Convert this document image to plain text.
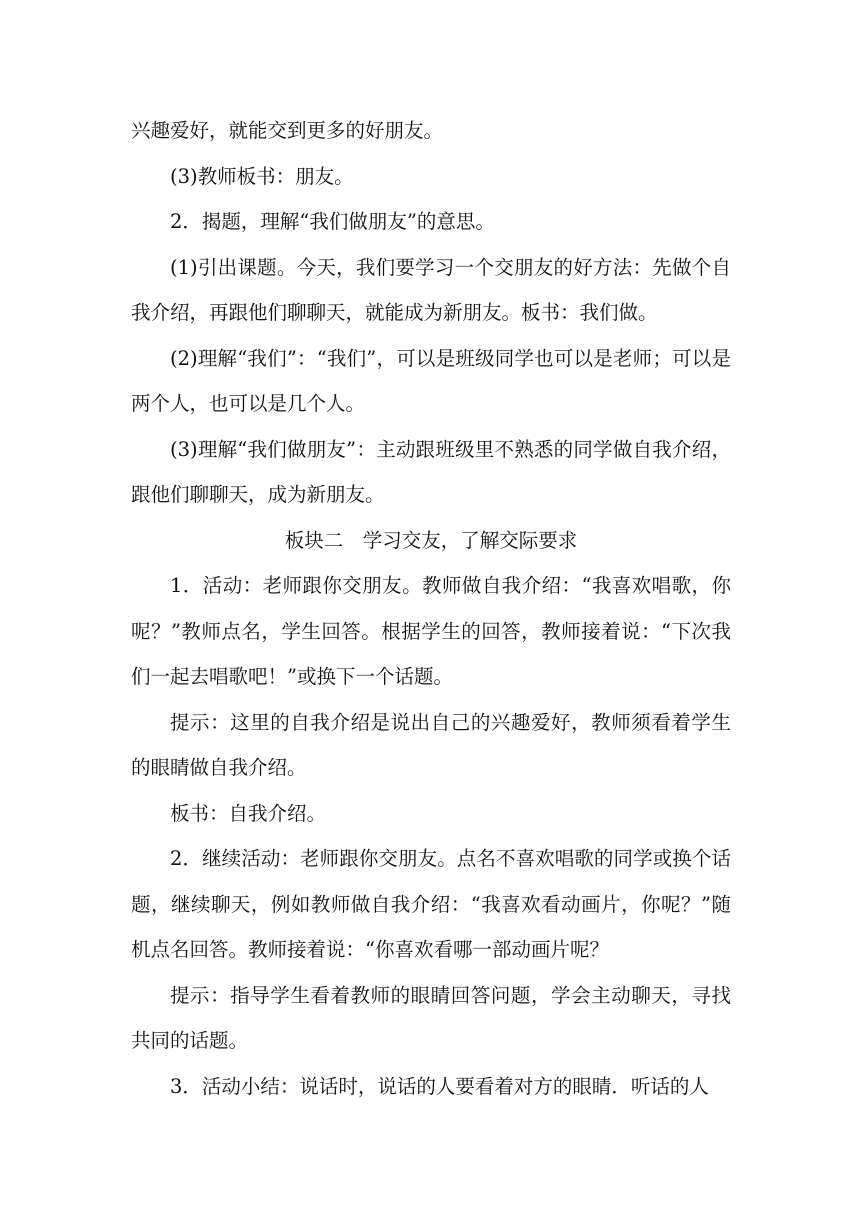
兴趣爱好，就能交到更多的好朋友。

(3)教师板书：朋友。

2．揭题，理解“我们做朋友”的意思。

(1)引出课题。今天，我们要学习一个交朋友的好方法：先做个自我介绍，再跟他们聊聊天，就能成为新朋友。板书：我们做。

(2)理解“我们”：“我们”，可以是班级同学也可以是老师；可以是两个人，也可以是几个人。

(3)理解“我们做朋友”：主动跟班级里不熟悉的同学做自我介绍，跟他们聊聊天，成为新朋友。

板块二　学习交友，了解交际要求

1．活动：老师跟你交朋友。教师做自我介绍：“我喜欢唱歌，你呢？”教师点名，学生回答。根据学生的回答，教师接着说：“下次我们一起去唱歌吧！”或换下一个话题。

提示：这里的自我介绍是说出自己的兴趣爱好，教师须看着学生的眼睛做自我介绍。

板书：自我介绍。

2．继续活动：老师跟你交朋友。点名不喜欢唱歌的同学或换个话题，继续聊天，例如教师做自我介绍：“我喜欢看动画片，你呢？”随机点名回答。教师接着说：“你喜欢看哪一部动画片呢？

提示：指导学生看着教师的眼睛回答问题，学会主动聊天，寻找共同的话题。

3．活动小结：说话时，说话的人要看着对方的眼睛．听话的人
